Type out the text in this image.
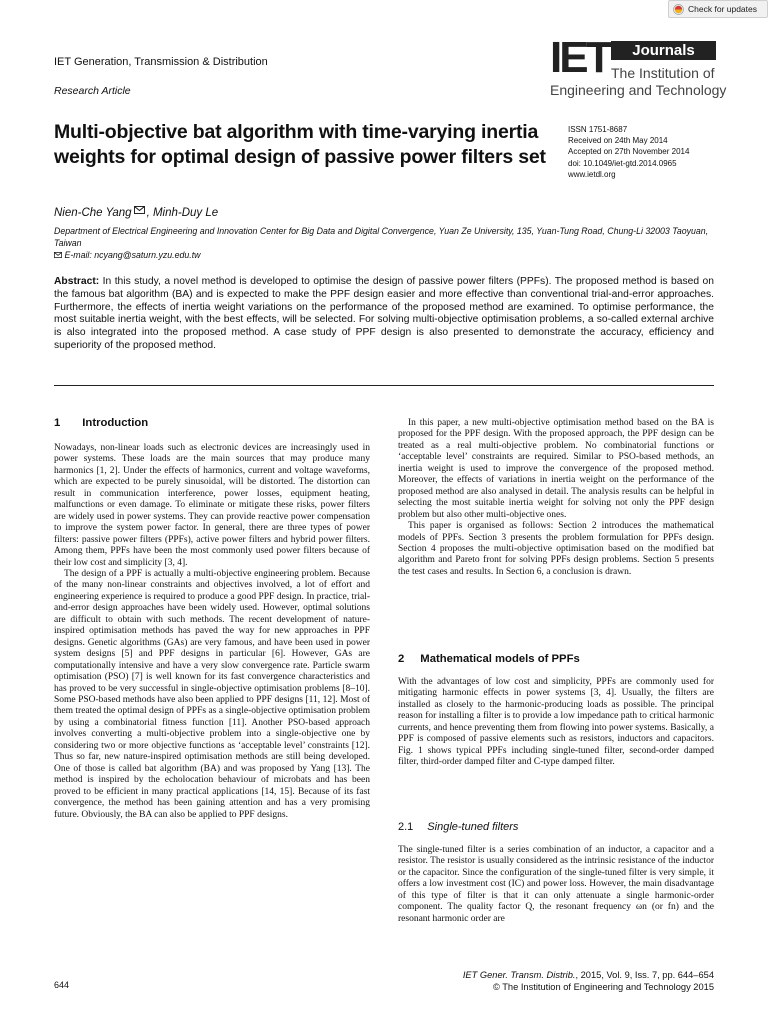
Check for updates
IET Generation, Transmission & Distribution
Research Article
IET	Journals
The Institution of
Engineering and Technology
ISSN 1751-8687
Received on 24th May 2014
Accepted on 27th November 2014
doi: 10.1049/iet-gtd.2014.0965
www.ietdl.org
Multi-objective bat algorithm with time-varying inertia weights for optimal design of passive power filters set
Nien-Che Yang , Minh-Duy Le
Department of Electrical Engineering and Innovation Center for Big Data and Digital Convergence, Yuan Ze University, 135, Yuan-Tung Road, Chung-Li 32003 Taoyuan, Taiwan
E-mail: ncyang@saturn.yzu.edu.tw
Abstract: In this study, a novel method is developed to optimise the design of passive power filters (PPFs). The proposed method is based on the famous bat algorithm (BA) and is expected to make the PPF design easier and more effective than conventional trial-and-error approaches. Furthermore, the effects of inertia weight variations on the performance of the proposed method are examined. To optimise performance, the most suitable inertia weight, with the best effects, will be selected. For solving multi-objective optimisation problems, a so-called external archive is also integrated into the proposed method. A case study of PPF design is also presented to demonstrate the accuracy, efficiency and superiority of the proposed method.
1 Introduction

Nowadays, non-linear loads such as electronic devices are increasingly used in power systems. These loads are the main sources that may produce many harmonics [1, 2]. Under the effects of harmonics, current and voltage waveforms, which are expected to be purely sinusoidal, will be distorted. The distortion can result in communication interference, power losses, equipment heating, malfunctions or even damage. To eliminate or mitigate these risks, power filters are widely used in power systems. They can provide reactive power compensation to improve the system power factor. In general, there are three types of power filters: passive power filters (PPFs), active power filters and hybrid power filters. Among them, PPFs have been the most commonly used power filters because of their low cost and simplicity [3, 4].

The design of a PPF is actually a multi-objective engineering problem. Because of the many non-linear constraints and objectives involved, a lot of effort and engineering experience is required to produce a good PPF design. In practice, trial-and-error design approaches have been widely used. However, optimal solutions are difficult to obtain with such methods. The recent development of nature-inspired optimisation methods has paved the way for new approaches in PPF designs. Genetic algorithms (GAs) are very famous, and have been used in power system designs [5] and PPF designs in particular [6]. However, GAs are computationally intensive and have a very slow convergence rate. Particle swarm optimisation (PSO) [7] is well known for its fast convergence characteristics and has proved to be very successful in single-objective optimisation problems [8–10]. Some PSO-based methods have also been applied to PPF designs [11, 12]. Most of them treated the optimal design of PPFs as a single-objective optimisation problem by using a combinatorial fitness function [11]. Another PSO-based approach involves converting a multi-objective problem into a single-objective one by considering two or more objective functions as ‘acceptable level’ constraints [12]. Thus so far, new nature-inspired optimisation methods are still being developed. One of those is called bat algorithm (BA) and was proposed by Yang [13]. The method is inspired by the echolocation behaviour of microbats and has been proved to be efficient in many practical applications [14, 15]. Because of its fast convergence, the method has been gaining attention and has a very promising future. Obviously, the BA can also be applied to PPF designs.

In this paper, a new multi-objective optimisation method based on the BA is proposed for the PPF design. With the proposed approach, the PPF design can be treated as a real multi-objective problem. No combinatorial functions or ‘acceptable level’ constraints are required. Similar to PSO-based methods, an inertia weight is used to improve the convergence of the proposed method. Moreover, the effects of variations in inertia weight on the performance of the proposed method are also analysed in detail. The analysis results can be helpful in selecting the most suitable inertia weight for solving not only the PPF design problem but also other multi-objective ones.

This paper is organised as follows: Section 2 introduces the mathematical models of PPFs. Section 3 presents the problem formulation for PPFs design. Section 4 proposes the multi-objective optimisation based on the modified bat algorithm and Pareto front for solving PPFs design problems. Section 5 presents the test cases and results. In Section 6, a conclusion is drawn.

2 Mathematical models of PPFs

With the advantages of low cost and simplicity, PPFs are commonly used for mitigating harmonic effects in power systems [3, 4]. Usually, the filters are installed as closely to the harmonic-producing loads as possible. The principal reason for installing a filter is to provide a low impedance path to critical harmonic currents, and hence preventing them from flowing into power systems. Basically, a PPF is composed of passive elements such as resistors, inductors and capacitors. Fig. 1 shows typical PPFs including single-tuned filter, second-order damped filter, third-order damped filter and C-type damped filter.

2.1 Single-tuned filters

The single-tuned filter is a series combination of an inductor, a capacitor and a resistor. The resistor is usually considered as the intrinsic resistance of the inductor or the capacitor. Since the configuration of the single-tuned filter is very simple, it offers a low investment cost (IC) and power loss. However, the main disadvantage of this type of filter is that it can only attenuate a single harmonic-order component. The quality factor Q, the resonant frequency ωn (or fn) and the resonant harmonic order are

644
IET Gener. Transm. Distrib., 2015, Vol. 9, Iss. 7, pp. 644–654
© The Institution of Engineering and Technology 2015
